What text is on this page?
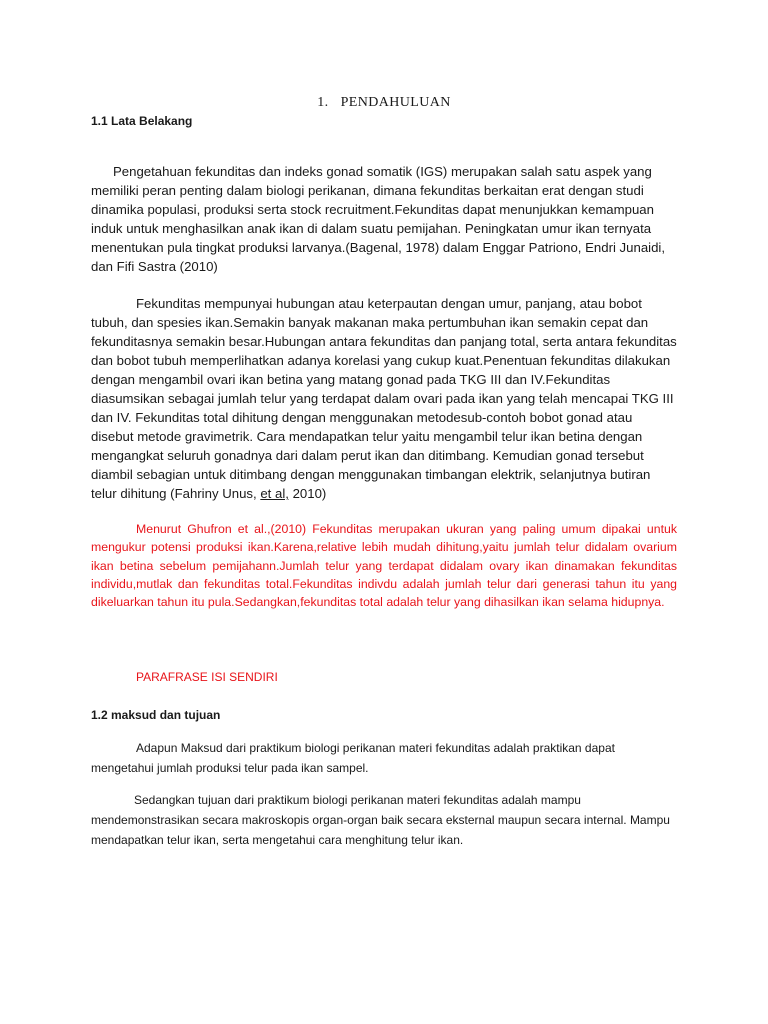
1. PENDAHULUAN
1.1 Lata Belakang

Pengetahuan fekunditas dan indeks gonad somatik (IGS) merupakan salah satu aspek yang memiliki peran penting dalam biologi perikanan, dimana fekunditas berkaitan erat dengan studi dinamika populasi, produksi serta stock recruitment.Fekunditas dapat menunjukkan kemampuan induk untuk menghasilkan anak ikan di dalam suatu pemijahan. Peningkatan umur ikan ternyata menentukan pula tingkat produksi larvanya.(Bagenal, 1978) dalam Enggar Patriono, Endri Junaidi, dan Fifi Sastra (2010)

Fekunditas mempunyai hubungan atau keterpautan dengan umur, panjang, atau bobot tubuh, dan spesies ikan.Semakin banyak makanan maka pertumbuhan ikan semakin cepat dan fekunditasnya semakin besar.Hubungan antara fekunditas dan panjang total, serta antara fekunditas dan bobot tubuh memperlihatkan adanya korelasi yang cukup kuat.Penentuan fekunditas dilakukan dengan mengambil ovari ikan betina yang matang gonad pada TKG III dan IV.Fekunditas diasumsikan sebagai jumlah telur yang terdapat dalam ovari pada ikan yang telah mencapai TKG III dan IV. Fekunditas total dihitung dengan menggunakan metodesub-contoh bobot gonad atau disebut metode gravimetrik. Cara mendapatkan telur yaitu mengambil telur ikan betina dengan mengangkat seluruh gonadnya dari dalam perut ikan dan ditimbang. Kemudian gonad tersebut diambil sebagian untuk ditimbang dengan menggunakan timbangan elektrik, selanjutnya butiran telur dihitung (Fahriny Unus, et al, 2010)

Menurut Ghufron et al.,(2010) Fekunditas merupakan ukuran yang paling umum dipakai untuk mengukur potensi produksi ikan.Karena,relative lebih mudah dihitung,yaitu jumlah telur didalam ovarium ikan betina sebelum pemijahann.Jumlah telur yang terdapat didalam ovary ikan dinamakan fekunditas individu,mutlak dan fekunditas total.Fekunditas indivdu adalah jumlah telur dari generasi tahun itu yang dikeluarkan tahun itu pula.Sedangkan,fekunditas total adalah telur yang dihasilkan ikan selama hidupnya.

PARAFRASE ISI SENDIRI
1.2 maksud dan tujuan

Adapun Maksud dari praktikum biologi perikanan materi fekunditas adalah praktikan dapat mengetahui jumlah produksi telur pada ikan sampel.

Sedangkan tujuan dari praktikum biologi perikanan materi fekunditas adalah mampu mendemonstrasikan secara makroskopis organ-organ baik secara eksternal maupun secara internal. Mampu mendapatkan telur ikan, serta mengetahui cara menghitung telur ikan.
